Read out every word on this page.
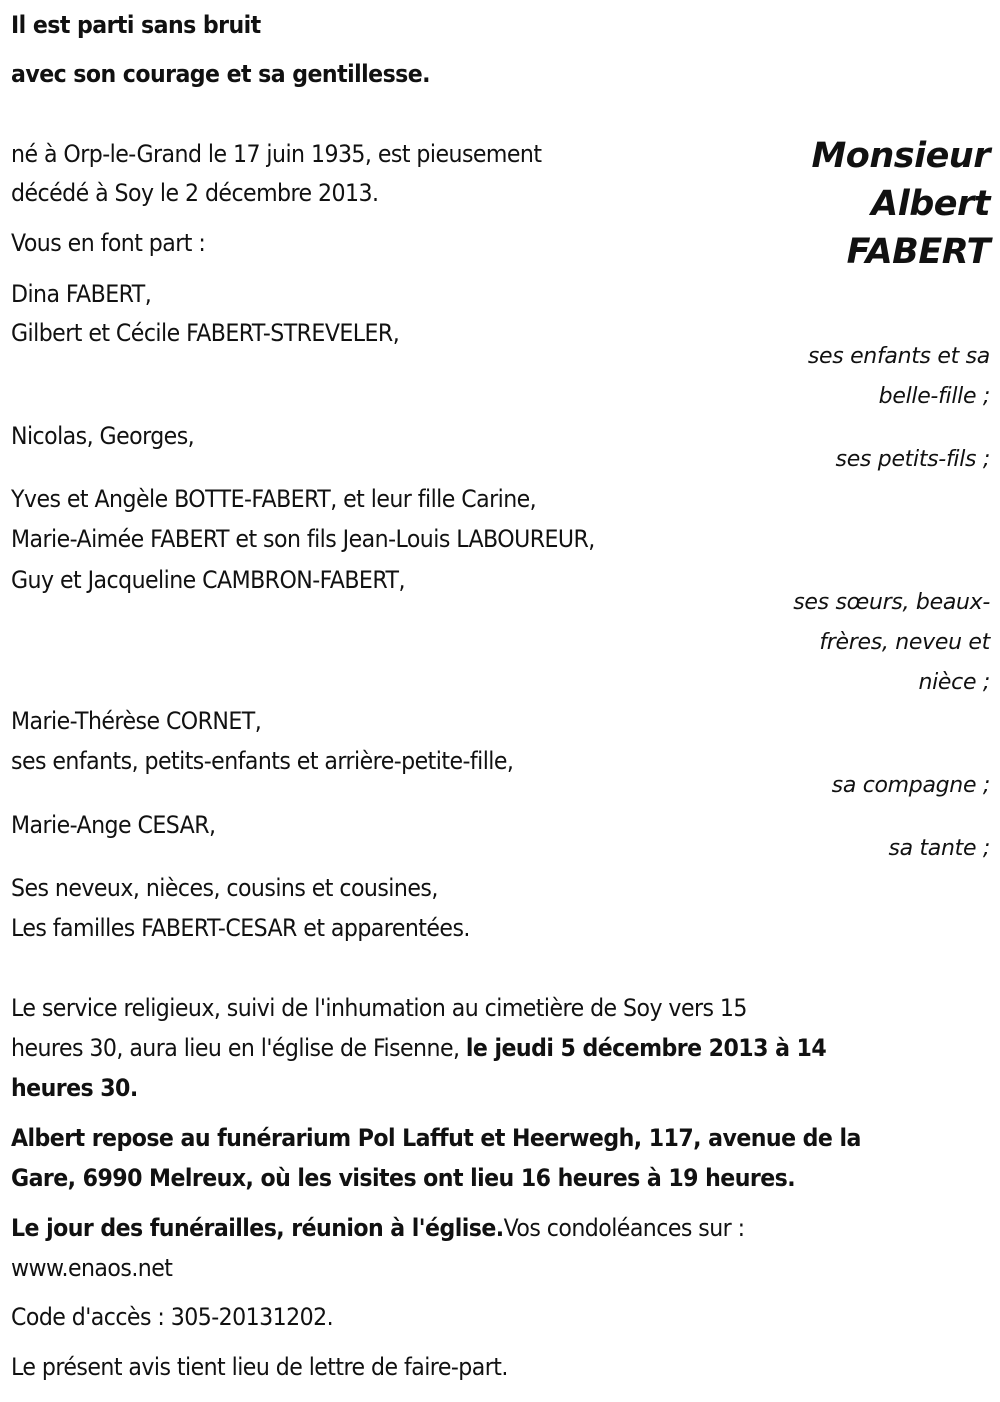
Il est parti sans bruit
avec son courage et sa gentillesse.
Monsieur
Albert
FABERT
né à Orp-le-Grand le 17 juin 1935, est pieusement
décédé à Soy le 2 décembre 2013.
Vous en font part :
Dina FABERT,
Gilbert et Cécile FABERT-STREVELER,
ses enfants et sa
belle-fille ;
Nicolas, Georges,
ses petits-fils ;
Yves et Angèle BOTTE-FABERT, et leur fille Carine,
Marie-Aimée FABERT et son fils Jean-Louis LABOUREUR,
Guy et Jacqueline CAMBRON-FABERT,
ses sœurs, beaux-
frères, neveu et
nièce ;
Marie-Thérèse CORNET,
ses enfants, petits-enfants et arrière-petite-fille,
sa compagne ;
Marie-Ange CESAR,
sa tante ;
Ses neveux, nièces, cousins et cousines,
Les familles FABERT-CESAR et apparentées.
Le service religieux, suivi de l'inhumation au cimetière de Soy vers 15
heures 30, aura lieu en l'église de Fisenne, le jeudi 5 décembre 2013 à 14
heures 30.
Albert repose au funérarium Pol Laffut et Heerwegh, 117, avenue de la
Gare, 6990 Melreux, où les visites ont lieu 16 heures à 19 heures.
Le jour des funérailles, réunion à l'église.Vos condoléances sur :
www.enaos.net
Code d'accès : 305-20131202.
Le présent avis tient lieu de lettre de faire-part.
